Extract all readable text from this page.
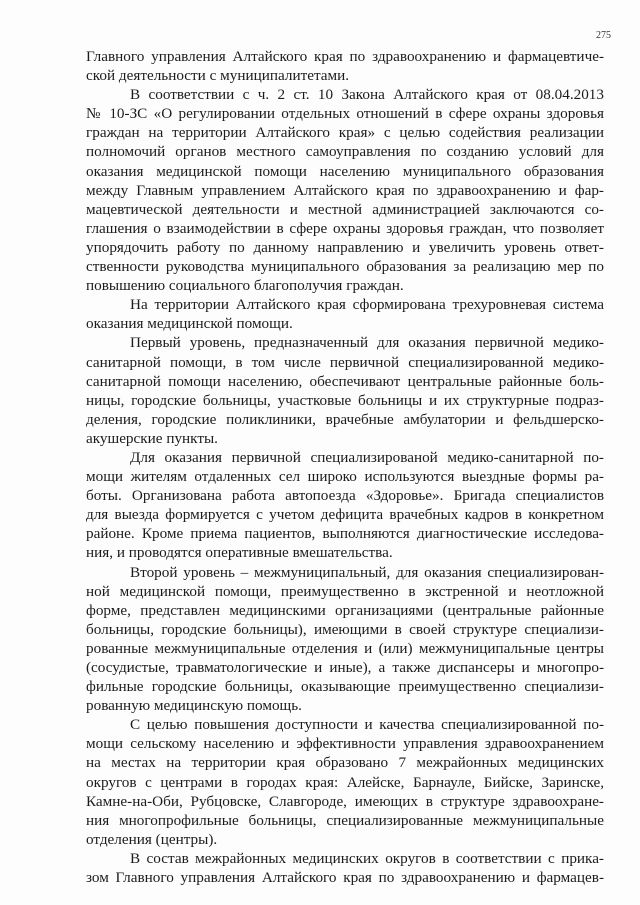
275
Главного управления Алтайского края по здравоохранению и фармацевтиче-
ской деятельности с муниципалитетами.
В соответствии с ч. 2 ст. 10 Закона Алтайского края от 08.04.2013
№ 10-ЗС «О регулировании отдельных отношений в сфере охраны здоровья
граждан на территории Алтайского края» с целью содействия реализации
полномочий органов местного самоуправления по созданию условий для
оказания медицинской помощи населению муниципального образования
между Главным управлением Алтайского края по здравоохранению и фар-
мацевтической деятельности и местной администрацией заключаются со-
глашения о взаимодействии в сфере охраны здоровья граждан, что позволяет
упорядочить работу по данному направлению и увеличить уровень ответ-
ственности руководства муниципального образования за реализацию мер по
повышению социального благополучия граждан.
На территории Алтайского края сформирована трехуровневая система
оказания медицинской помощи.
Первый уровень, предназначенный для оказания первичной медико-
санитарной помощи, в том числе первичной специализированной медико-
санитарной помощи населению, обеспечивают центральные районные боль-
ницы, городские больницы, участковые больницы и их структурные подраз-
деления, городские поликлиники, врачебные амбулатории и фельдшерско-
акушерские пункты.
Для оказания первичной специализированой медико-санитарной по-
мощи жителям отдаленных сел широко используются выездные формы ра-
боты. Организована работа автопоезда «Здоровье». Бригада специалистов
для выезда формируется с учетом дефицита врачебных кадров в конкретном
районе. Кроме приема пациентов, выполняются диагностические исследова-
ния, и проводятся оперативные вмешательства.
Второй уровень – межмуниципальный, для оказания специализирован-
ной медицинской помощи, преимущественно в экстренной и неотложной
форме, представлен медицинскими организациями (центральные районные
больницы, городские больницы), имеющими в своей структуре специализи-
рованные межмуниципальные отделения и (или) межмуниципальные центры
(сосудистые, травматологические и иные), а также диспансеры и многопро-
фильные городские больницы, оказывающие преимущественно специализи-
рованную медицинскую помощь.
С целью повышения доступности и качества специализированной по-
мощи сельскому населению и эффективности управления здравоохранением
на местах на территории края образовано 7 межрайонных медицинских
округов с центрами в городах края: Алейске, Барнауле, Бийске, Заринске,
Камне-на-Оби, Рубцовске, Славгороде, имеющих в структуре здравоохране-
ния многопрофильные больницы, специализированные межмуниципальные
отделения (центры).
В состав межрайонных медицинских округов в соответствии с прика-
зом Главного управления Алтайского края по здравоохранению и фармацев-
